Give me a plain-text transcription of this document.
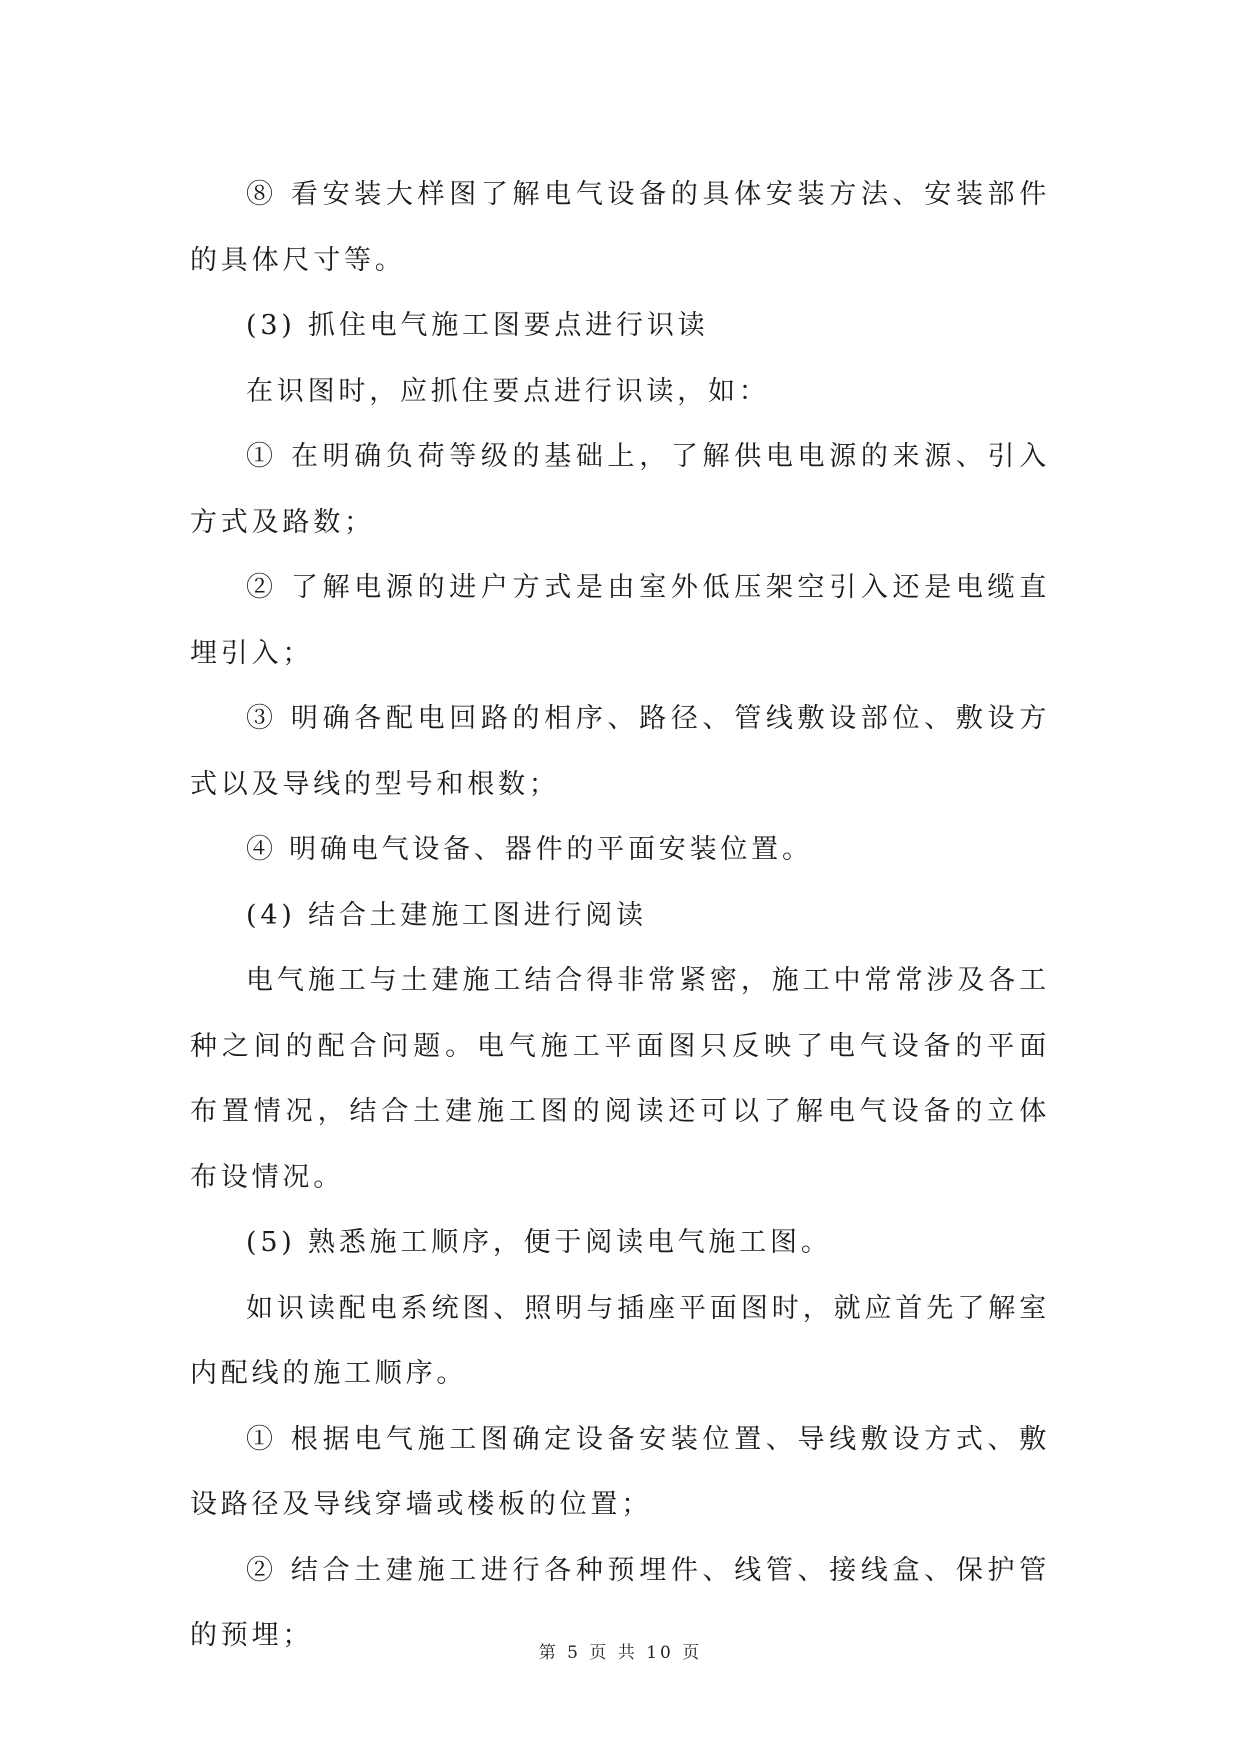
⑧ 看安装大样图了解电气设备的具体安装方法、安装部件的具体尺寸等。

(3) 抓住电气施工图要点进行识读

在识图时，应抓住要点进行识读，如：

① 在明确负荷等级的基础上，了解供电电源的来源、引入方式及路数；

② 了解电源的进户方式是由室外低压架空引入还是电缆直埋引入；

③ 明确各配电回路的相序、路径、管线敷设部位、敷设方式以及导线的型号和根数；

④ 明确电气设备、器件的平面安装位置。

(4) 结合土建施工图进行阅读

电气施工与土建施工结合得非常紧密，施工中常常涉及各工种之间的配合问题。电气施工平面图只反映了电气设备的平面布置情况，结合土建施工图的阅读还可以了解电气设备的立体布设情况。

(5) 熟悉施工顺序，便于阅读电气施工图。

如识读配电系统图、照明与插座平面图时，就应首先了解室内配线的施工顺序。

① 根据电气施工图确定设备安装位置、导线敷设方式、敷设路径及导线穿墙或楼板的位置；

② 结合土建施工进行各种预埋件、线管、接线盒、保护管的预埋；

第 5 页 共 10 页
